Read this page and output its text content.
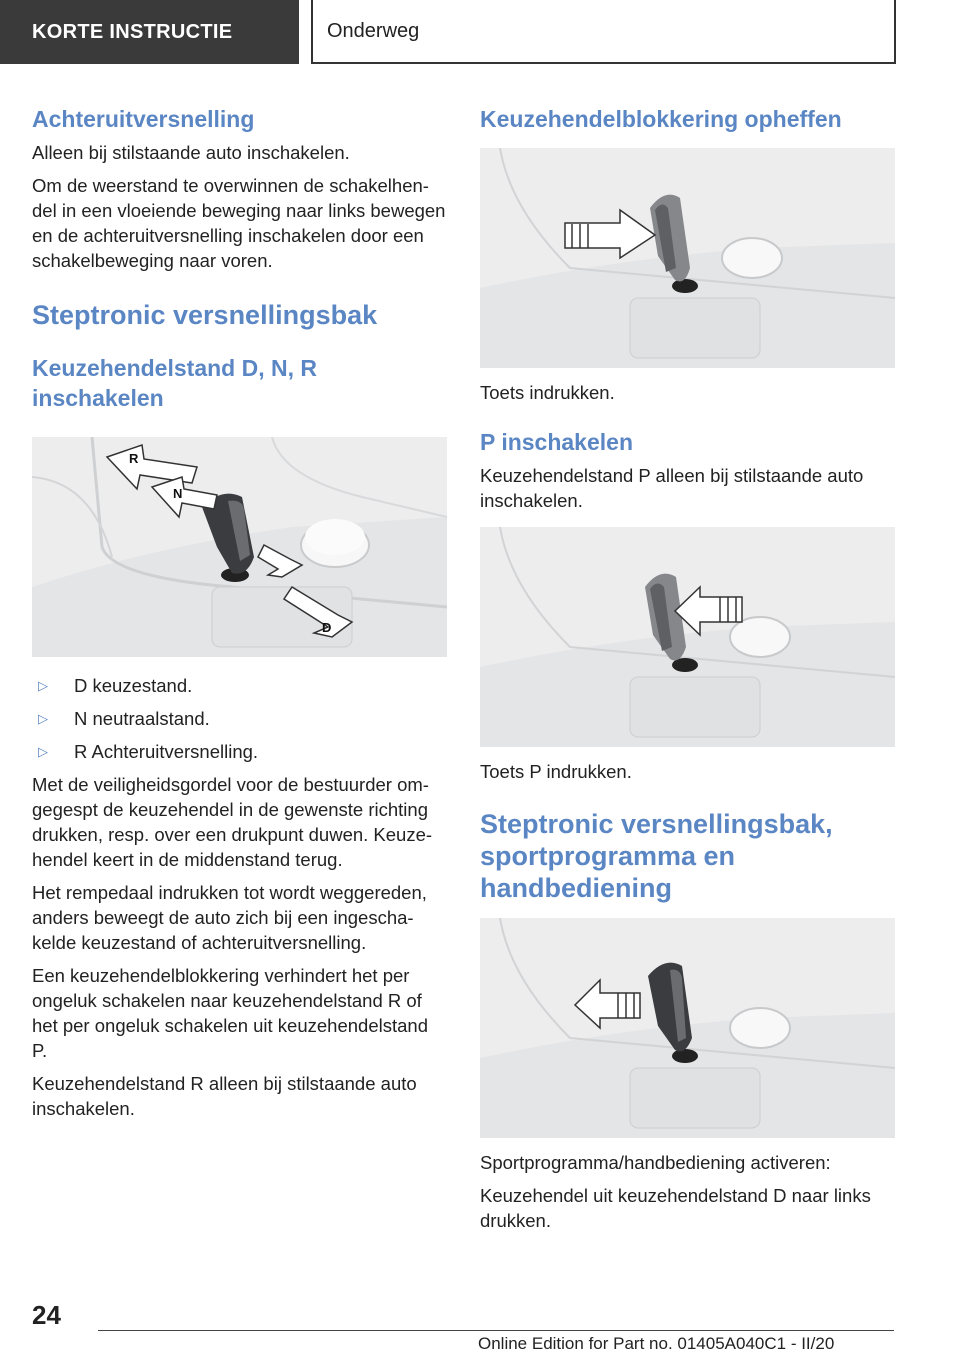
KORTE INSTRUCTIE	Onderweg
Achteruitversnelling

Alleen bij stilstaande auto inschakelen.

Om de weerstand te overwinnen de schakelhendel in een vloeiende beweging naar links bewegen en de achteruitversnelling inschakelen door een schakelbeweging naar voren.

Steptronic versnellingsbak
Keuzehendelstand D, N, R inschakelen
R
N
D
▷ D keuzestand.
▷ N neutraalstand.
▷ R Achteruitversnelling.

Met de veiligheidsgordel voor de bestuurder omgegespt de keuzehendel in de gewenste richting drukken, resp. over een drukpunt duwen. Keuzehendel keert in de middenstand terug.

Het rempedaal indrukken tot wordt weggereden, anders beweegt de auto zich bij een ingeschakelde keuzestand of achteruitversnelling.

Een keuzehendelblokkering verhindert het per ongeluk schakelen naar keuzehendelstand R of het per ongeluk schakelen uit keuzehendelstand P.

Keuzehendelstand R alleen bij stilstaande auto inschakelen.

Keuzehendelblokkering opheffen

Toets indrukken.

P inschakelen

Keuzehendelstand P alleen bij stilstaande auto inschakelen.

Toets P indrukken.

Steptronic versnellingsbak, sportprogramma en handbediening

Sportprogramma/handbediening activeren:

Keuzehendel uit keuzehendelstand D naar links drukken.

24
Online Edition for Part no. 01405A040C1 - II/20
